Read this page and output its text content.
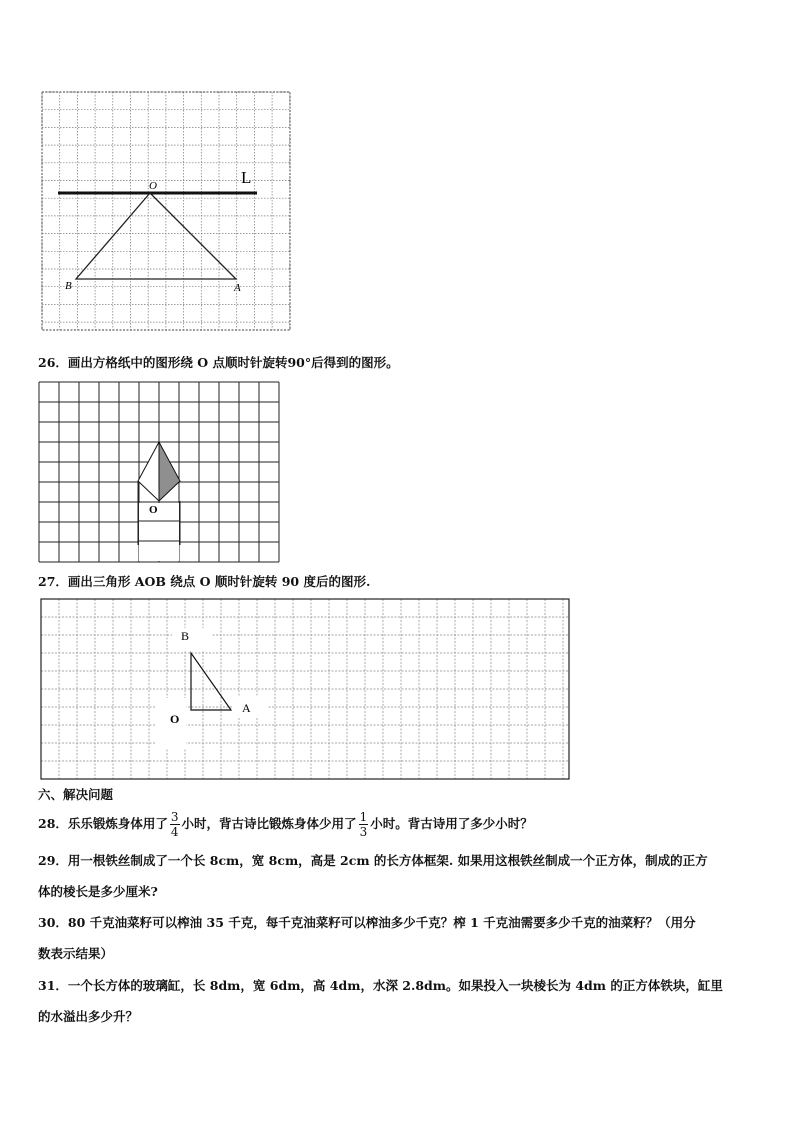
O	L
B	A
26．画出方格纸中的图形绕 O 点顺时针旋转90°后得到的图形。
O
27．画出三角形 AOB 绕点 O 顺时针旋转 90 度后的图形.
B
O
A
六、解决问题
28．乐乐锻炼身体用了 $\frac{3}{4}$ 小时，背古诗比锻炼身体少用了 $\frac{1}{3}$ 小时。背古诗用了多少小时？
29．用一根铁丝制成了一个长 8cm，宽 8cm，高是 2cm 的长方体框架. 如果用这根铁丝制成一个正方体，制成的正方
体的棱长是多少厘米?
30．80 千克油菜籽可以榨油 35 千克，每千克油菜籽可以榨油多少千克？榨 1 千克油需要多少千克的油菜籽？（用分
数表示结果）
31．一个长方体的玻璃缸，长 8dm，宽 6dm，高 4dm，水深 2.8dm。如果投入一块棱长为 4dm 的正方体铁块，缸里
的水溢出多少升？
